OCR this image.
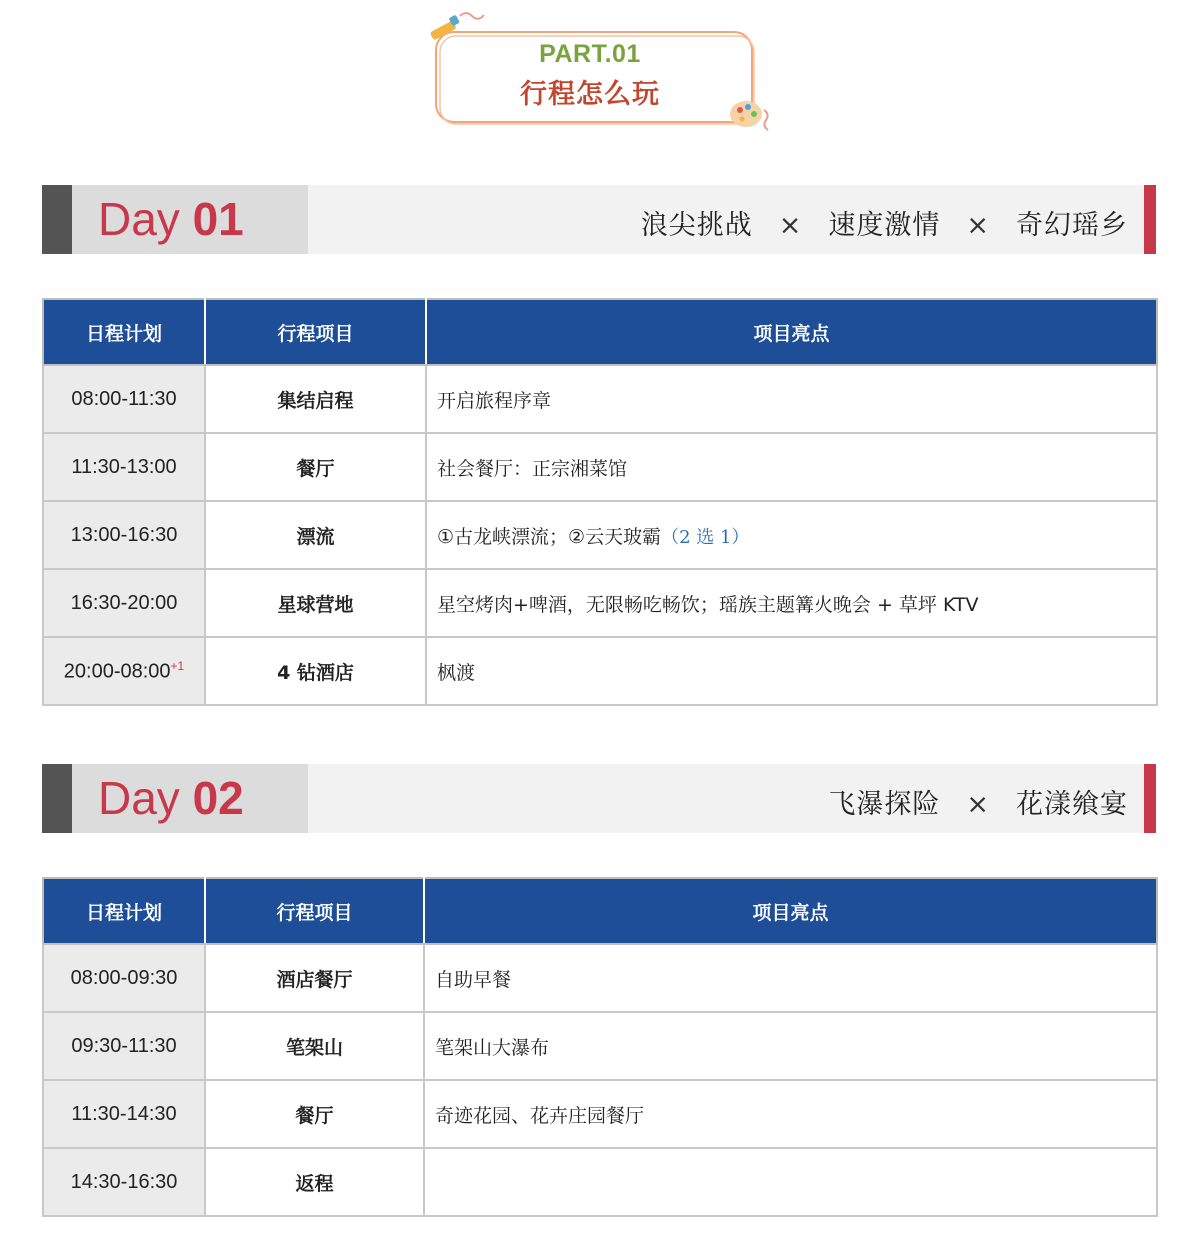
PART.01
行程怎么玩
Day 01	浪尖挑战 × 速度激情 × 奇幻瑶乡
日程计划	行程项目	项目亮点
08:00-11:30	集结启程	开启旅程序章
11:30-13:00	餐厅	社会餐厅：正宗湘菜馆
13:00-16:30	漂流	①古龙峡漂流；②云天玻霸（2 选 1）
16:30-20:00	星球营地	星空烤肉+啤酒，无限畅吃畅饮；瑶族主题篝火晚会 + 草坪 KTV
$20:00-08:00^{+1}$	4 钻酒店	枫渡
Day 02	飞瀑探险 × 花漾飨宴
日程计划	行程项目	项目亮点
08:00-09:30	酒店餐厅	自助早餐
09:30-11:30	笔架山	笔架山大瀑布
11:30-14:30	餐厅	奇迹花园、花卉庄园餐厅
14:30-16:30	返程	
